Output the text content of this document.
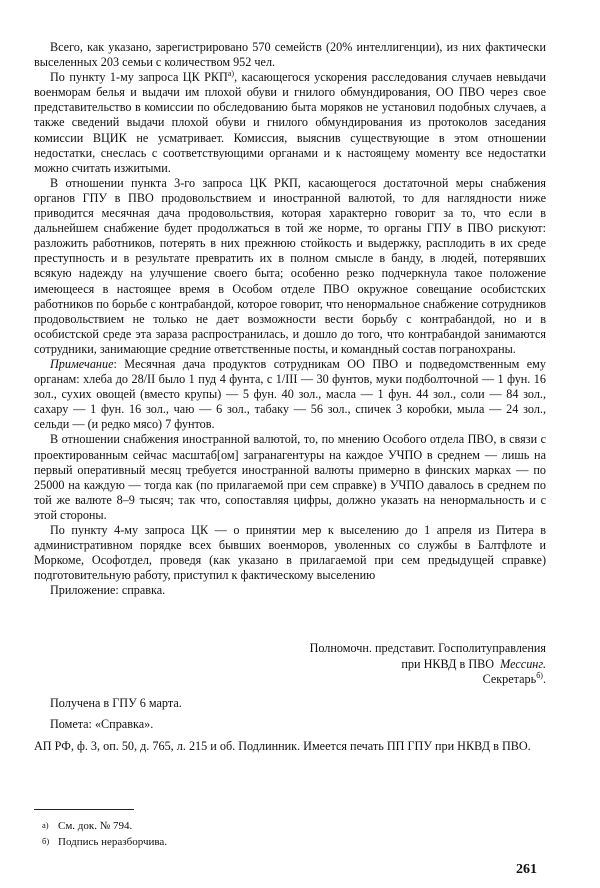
Всего, как указано, зарегистрировано 570 семейств (20% интеллигенции), из них фактически выселенных 203 семьи с количеством 952 чел.

По пункту 1-му запроса ЦК $РКП^{а)}$, касающегося ускорения расследования случаев невыдачи военморам белья и выдачи им плохой обуви и гнилого обмундирования, ОО ПВО через свое представительство в комиссии по обследованию быта моряков не установил подобных случаев, а также сведений выдачи плохой обуви и гнилого обмундирования из протоколов заседания комиссии ВЦИК не усматривает. Комиссия, выяснив существующие в этом отношении недостатки, снеслась с соответствующими органами и к настоящему моменту все недостатки можно считать изжитыми.

В отношении пункта 3-го запроса ЦК РКП, касающегося достаточной меры снабжения органов ГПУ в ПВО продовольствием и иностранной валютой, то для наглядности ниже приводится месячная дача продовольствия, которая характерно говорит за то, что если в дальнейшем снабжение будет продолжаться в той же норме, то органы ГПУ в ПВО рискуют: разложить работников, потерять в них прежнюю стойкость и выдержку, расплодить в их среде преступность и в результате превратить их в полном смысле в банду, в людей, потерявших всякую надежду на улучшение своего быта; особенно резко подчеркнула такое положение имеющееся в настоящее время в Особом отделе ПВО окружное совещание особистских работников по борьбе с контрабандой, которое говорит, что ненормальное снабжение сотрудников продовольствием не только не дает возможности вести борьбу с контрабандой, но и в особистской среде эта зараза распространилась, и дошло до того, что контрабандой занимаются сотрудники, занимающие средние ответственные посты, и командный состав погранохраны.

Примечание: Месячная дача продуктов сотрудникам ОО ПВО и подведомственным ему органам: хлеба до 28/II было 1 пуд 4 фунта, с 1/III — 30 фунтов, муки подболточной — 1 фун. 16 зол., сухих овощей (вместо крупы) — 5 фун. 40 зол., масла — 1 фун. 44 зол., соли — 84 зол., сахару — 1 фун. 16 зол., чаю — 6 зол., табаку — 56 зол., спичек 3 коробки, мыла — 24 зол., сельди — (и редко мясо) 7 фунтов.

В отношении снабжения иностранной валютой, то, по мнению Особого отдела ПВО, в связи с проектированным сейчас масштаб[ом] загранагентуры на каждое УЧПО в среднем — лишь на первый оперативный месяц требуется иностранной валюты примерно в финских марках — по 25000 на каждую — тогда как (по прилагаемой при сем справке) в УЧПО давалось в среднем по той же валюте 8–9 тысяч; так что, сопоставляя цифры, должно указать на ненормальность и с этой стороны.

По пункту 4-му запроса ЦК — о принятии мер к выселению до 1 апреля из Питера в административном порядке всех бывших военморов, уволенных со службы в Балтфлоте и Моркоме, Ософотдел, проведя (как указано в прилагаемой при сем предыдущей справке) подготовительную работу, приступил к фактическому выселению

Приложение: справка.

Полномочн. представит. Госполитуправления
при НКВД в ПВО Мессинг.
Секретарь$^{б)}$.
Получена в ГПУ 6 марта.
Пометa: «Справка».
АП РФ, ф. 3, оп. 50, д. 765, л. 215 и об. Подлинник. Имеется печать ПП ГПУ при НКВД в ПВО.
а) См. док. № 794.
б) Подпись неразборчива.
261
